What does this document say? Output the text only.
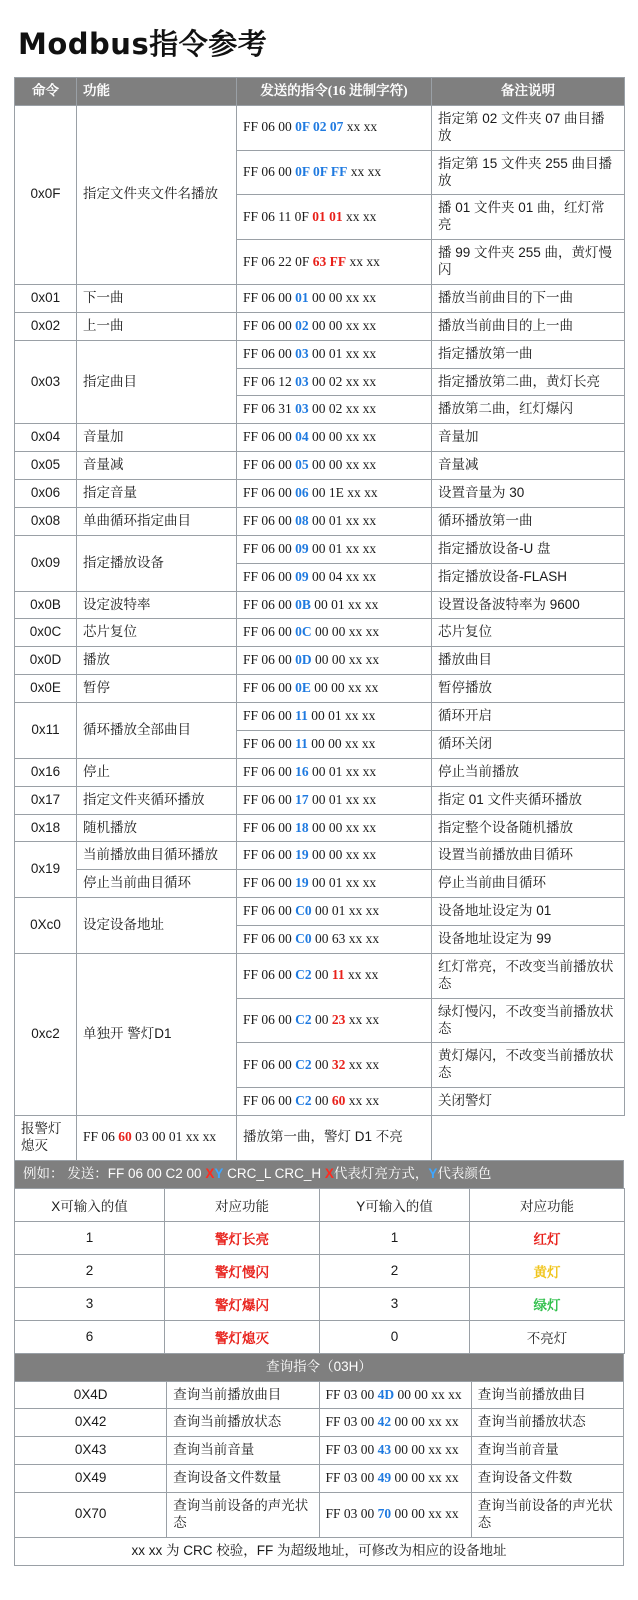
Modbus指令参考
命令	功能	发送的指令(16 进制字符)	备注说明
0x0F	指定文件夹文件名播放	FF 06 00 0F 02 07 xx xx	指定第 02 文件夹 07 曲目播放
		FF 06 00 0F 0F FF xx xx	指定第 15 文件夹 255 曲目播放
		FF 06 11 0F 01 01 xx xx	播 01 文件夹 01 曲，红灯常亮
		FF 06 22 0F 63 FF xx xx	播 99 文件夹 255 曲，黄灯慢闪
0x01	下一曲	FF 06 00 01 00 00 xx xx	播放当前曲目的下一曲
0x02	上一曲	FF 06 00 02 00 00 xx xx	播放当前曲目的上一曲
0x03	指定曲目	FF 06 00 03 00 01 xx xx	指定播放第一曲
		FF 06 12 03 00 02 xx xx	指定播放第二曲，黄灯长亮
		FF 06 31 03 00 02 xx xx	播放第二曲，红灯爆闪
0x04	音量加	FF 06 00 04 00 00 xx xx	音量加
0x05	音量减	FF 06 00 05 00 00 xx xx	音量减
0x06	指定音量	FF 06 00 06 00 1E xx xx	设置音量为 30
0x08	单曲循环指定曲目	FF 06 00 08 00 01 xx xx	循环播放第一曲
0x09	指定播放设备	FF 06 00 09 00 01 xx xx	指定播放设备-U 盘
		FF 06 00 09 00 04 xx xx	指定播放设备-FLASH
0x0B	设定波特率	FF 06 00 0B 00 01 xx xx	设置设备波特率为 9600
0x0C	芯片复位	FF 06 00 0C 00 00 xx xx	芯片复位
0x0D	播放	FF 06 00 0D 00 00 xx xx	播放曲目
0x0E	暂停	FF 06 00 0E 00 00 xx xx	暂停播放
0x11	循环播放全部曲目	FF 06 00 11 00 01 xx xx	循环开启
		FF 06 00 11 00 00 xx xx	循环关闭
0x16	停止	FF 06 00 16 00 01 xx xx	停止当前播放
0x17	指定文件夹循环播放	FF 06 00 17 00 01 xx xx	指定 01 文件夹循环播放
0x18	随机播放	FF 06 00 18 00 00 xx xx	指定整个设备随机播放
0x19	当前播放曲目循环播放	FF 06 00 19 00 00 xx xx	设置当前播放曲目循环
	停止当前曲目循环	FF 06 00 19 00 01 xx xx	停止当前曲目循环
0Xc0	设定设备地址	FF 06 00 C0 00 01 xx xx	设备地址设定为 01
		FF 06 00 C0 00 63 xx xx	设备地址设定为 99
0xc2	单独开 警灯D1	FF 06 00 C2 00 11 xx xx	红灯常亮，不改变当前播放状态
		FF 06 00 C2 00 23 xx xx	绿灯慢闪，不改变当前播放状态
		FF 06 00 C2 00 32 xx xx	黄灯爆闪，不改变当前播放状态
		FF 06 00 C2 00 60 xx xx	关闭警灯
报警灯熄灭	FF 06 60 03 00 01 xx xx	播放第一曲，警灯 D1 不亮	
例如： 发送：FF 06 00 C2 00 XY CRC_L CRC_H X代表灯亮方式，Y代表颜色
X可输入的值	对应功能	Y可输入的值	对应功能
1	警灯长亮	1	红灯
2	警灯慢闪	2	黄灯
3	警灯爆闪	3	绿灯
6	警灯熄灭	0	不亮灯
查询指令（03H）			
0X4D	查询当前播放曲目	FF 03 00 4D 00 00 xx xx	查询当前播放曲目
0X42	查询当前播放状态	FF 03 00 42 00 00 xx xx	查询当前播放状态
0X43	查询当前音量	FF 03 00 43 00 00 xx xx	查询当前音量
0X49	查询设备文件数量	FF 03 00 49 00 00 xx xx	查询设备文件数
0X70	查询当前设备的声光状态	FF 03 00 70 00 00 xx xx	查询当前设备的声光状态
xx xx 为 CRC 校验，FF 为超级地址，可修改为相应的设备地址			
